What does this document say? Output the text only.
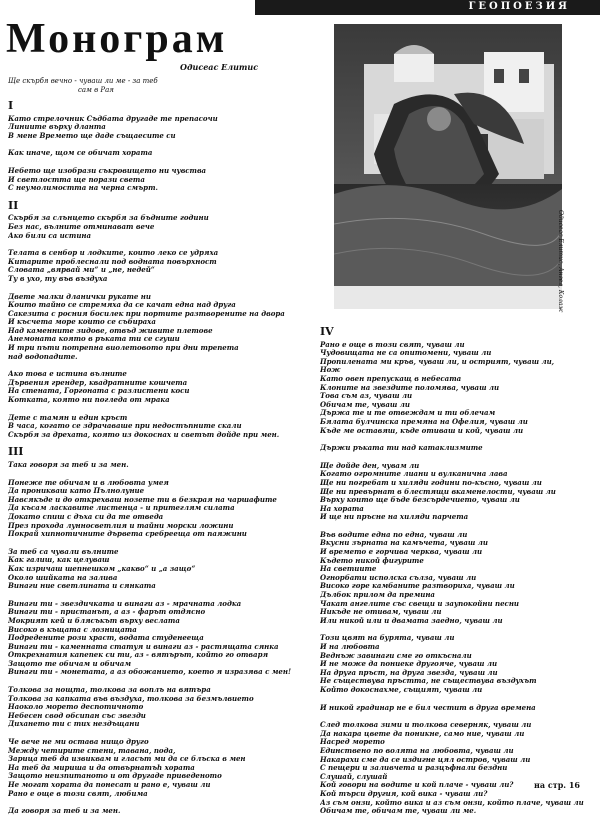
ГЕОПОЕЗИЯ
Монограм
Одисеас Елитис
Ще скърбя вечно - чуваш ли ме - за теб
сам в Рая
I
Като стрелочник Съдбата другаде те препасочи
Линиите върху длантa
В мене Времето ще даде същаесите си
Как иначе, щом се обичат хората
Небето ще изобрази съкровището ни чувства
И светлостта ще порази света
С неумолимостта на черна смърт.
II
Скърбя за слънцето скърбя за бъдните години
Без нас, вълните отминават вече
Ако били са истина
Телата в сенбор и лодките, които леко се удряха
Китарите проблеснали под водната повърхност
Словата „вярвай ми“ и „не, недей“
Ту в ухо, ту във въздуха
Двете малки дланички рукатe ни
Които тайно се стремяха да се качат една над друга
Сакезита с росния босилек при портите разтворените на двора
И късчета море които се събираха
Над каменните зидове, отвъд живите плетове
Анемоната която в ръката ти се сгуши
И три пъти потрепна виолетовото при дни трепета
над водопадите.
Ако това е истина вълните
Дървения грендеp, квадратните кошчета
На стената, Горгоната с разлистени коси
Котката, която ни погледа от мрака
Дете с тамян и един кръст
В часа, когато се здрачаваше при недостъпните скали
Скърбя за дрехата, която из докоснах и светът дойде при мен.
III
Така говоря за теб и за мен.
Понеже те обичам и в любовта умея
Да проникваш като Пълнолуние
Навсякъде и до открехваш нозете ти в безкрая на чаршафите
Да късам ласкавите листенца - и притеглям силата
Докато спиш с дъха си да те отведа
През прохода лунносветлия и тайни морски ложини
Покрай хипнотичните дървета сребрееща от паяжини
За теб са чували вълните
Как галиш, как целуваш
Как изричаш шепнешком „какво“ и „а защо“
Около шийката на залива
Винаги ние светлината и сянката
Винаги ти - звездичката и винаги аз - мрачната лодка
Винаги ти - пристанът, а аз - фарът отдясно
Мокрият кей и блясъкът върху веслата
Високо в къщата с лозницата
Подредените рози храст, водата студенееща
Винаги ти - каменната статуя и винаги аз - растящата сянка
Открехнатия капепек си ти, аз - вятърът, който го отваря
Защото те обичам и обичам
Винаги ти - монетата, а аз обожанието, което я изразява с мен!
Толкова за нощта, толкова за воплъ на вятъра
Толкова за капката във въздуха, толкова за безмълвието
Наоколо морето деспотичното
Небесен свод обсипан със звезди
Дихането ти с тих нездъщани
Че вече не ми остава нищо друго
Между четирите стени, тавана, пода,
Зарица теб да извиквам и гласът ми да се блъска в мен
На теб да мириша и да отвърнатъh хората
Защото неизпитаното и от другаде приведеното
Не могат хората да понесат и рано е, чуваш ли
Рано е още в този свят, любима
Да говоря за теб и за мен.
Одисеас Елитис, Ангел, Колаж
IV
Рано е още в този свят, чуваш ли
Чудовищата не са опитомени, чуваш ли
Пропилената ми кръв, чуваш ли, и острият, чуваш ли,
Нож
Като овен препускащ в небесата
Клоните на звездите поломява, чуваш ли
Това съм аз, чуваш ли
Обичам те, чуваш ли
Държа те и те отвеждам и ти облечам
Бялата булчинска премяна на Офелия, чуваш ли
Къде ме оставяш, къде отиваш и кой, чуваш ли
Държи ръката ти над катаклизмите
Ще дойде ден, чувам ли
Когато огромните лиани и вулканична лава
Ще ни погребат и хиляди години по-късно, чуваш ли
Ще ни превърнат в блестящи вкаменелости, чуваш ли
Върху които ще бъде безсърдечието, чуваш ли
На хората
И ще ни пръсне на хиляди парчета
Във водите една по една, чуваш ли
Вкусни зърната на камъчета, чуваш ли
И времето е горчива черква, чуваш ли
Където никой фигурите
На светиите
Огнорбати исполска сълза, чуваш ли
Високо горе камбаните разтвориха, чуваш ли
Дълбок прилом да премина
Чакат ангелите със свещи и заупокойни песни
Никъде не отивам, чуваш ли
Или никой или и двамата заедно, чуваш ли
Този цвят на бурята, чуваш ли
И на любовта
Веднъж завинаги сме го откъснали
И не може да пониеке другояче, чуваш ли
На друга пръст, на друга звезда, чуваш ли
Не съществува пръстта, не съществува въздухът
Който докоснахме, същият, чуваш ли
И никой градинар не е бил честит в друга времена
След толкова зими и толкова северняк, чуваш ли
Да накара цвете да поникне, само ние, чуваш ли
Насред морето
Единствено по волята на любовта, чуваш ли
Накарахи сме да се издигне цял остров, чуваш ли
С пещери и заливчета и разцъфнали бездни
Слушай, слушай
Кой говори на водите и кой плаче - чуваш ли?
Кой търси другия, кой вика - чуваш ли?
Аз съм онзи, който вика и аз съм онзи, който плаче, чуваш ли
Обичам те, обичам те, чуваш ли ме.
на стр. 16
